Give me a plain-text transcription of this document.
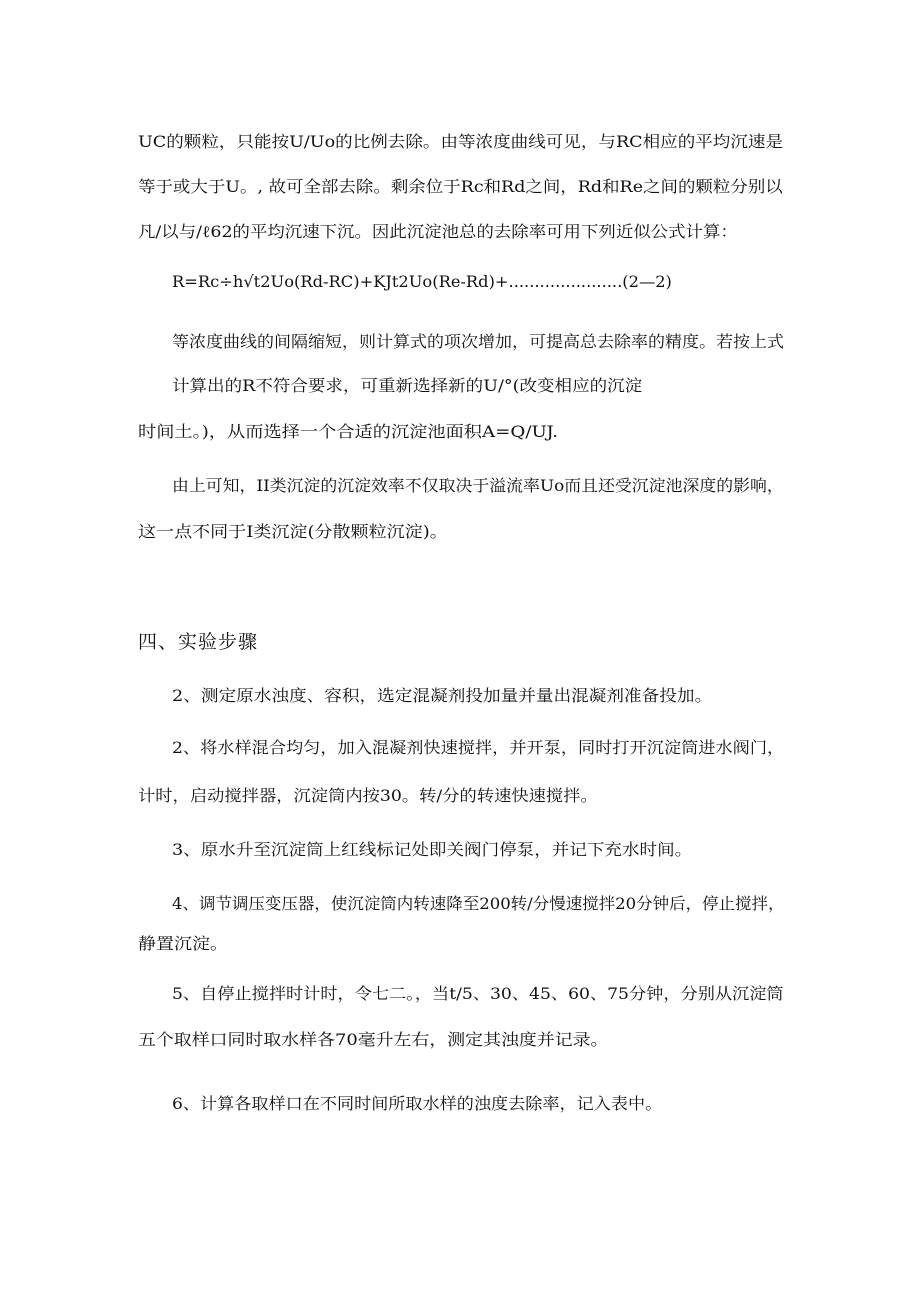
UC的颗粒，只能按U/Uo的比例去除。由等浓度曲线可见，与RC相应的平均沉速是
等于或大于U。, 故可全部去除。剩余位于Rc和Rd之间，Rd和Re之间的颗粒分别以
凡/以与/ℓ62的平均沉速下沉。因此沉淀池总的去除率可用下列近似公式计算：
R=Rc÷h√t2Uo(Rd-RC)+KJt2Uo(Re-Rd)+......................(2—2)
等浓度曲线的间隔缩短，则计算式的项次增加，可提高总去除率的精度。若按上式
计算出的R不符合要求，可重新选择新的U/°(改变相应的沉淀
时间土。)，从而选择一个合适的沉淀池面积A=Q/UJ.
由上可知，II类沉淀的沉淀效率不仅取决于溢流率Uo而且还受沉淀池深度的影响，
这一点不同于I类沉淀(分散颗粒沉淀)。
四、实验步骤
2、测定原水浊度、容积，选定混凝剂投加量并量出混凝剂准备投加。
2、将水样混合均匀，加入混凝剂快速搅拌，并开泵，同时打开沉淀筒进水阀门，
计时，启动搅拌器，沉淀筒内按30。转/分的转速快速搅拌。
3、原水升至沉淀筒上红线标记处即关阀门停泵，并记下充水时间。
4、调节调压变压器，使沉淀筒内转速降至200转/分慢速搅拌20分钟后，停止搅拌，
静置沉淀。
5、自停止搅拌时计时，令七二。，当t/5、30、45、60、75分钟，分别从沉淀筒
五个取样口同时取水样各70毫升左右，测定其浊度并记录。
6、计算各取样口在不同时间所取水样的浊度去除率，记入表中。
